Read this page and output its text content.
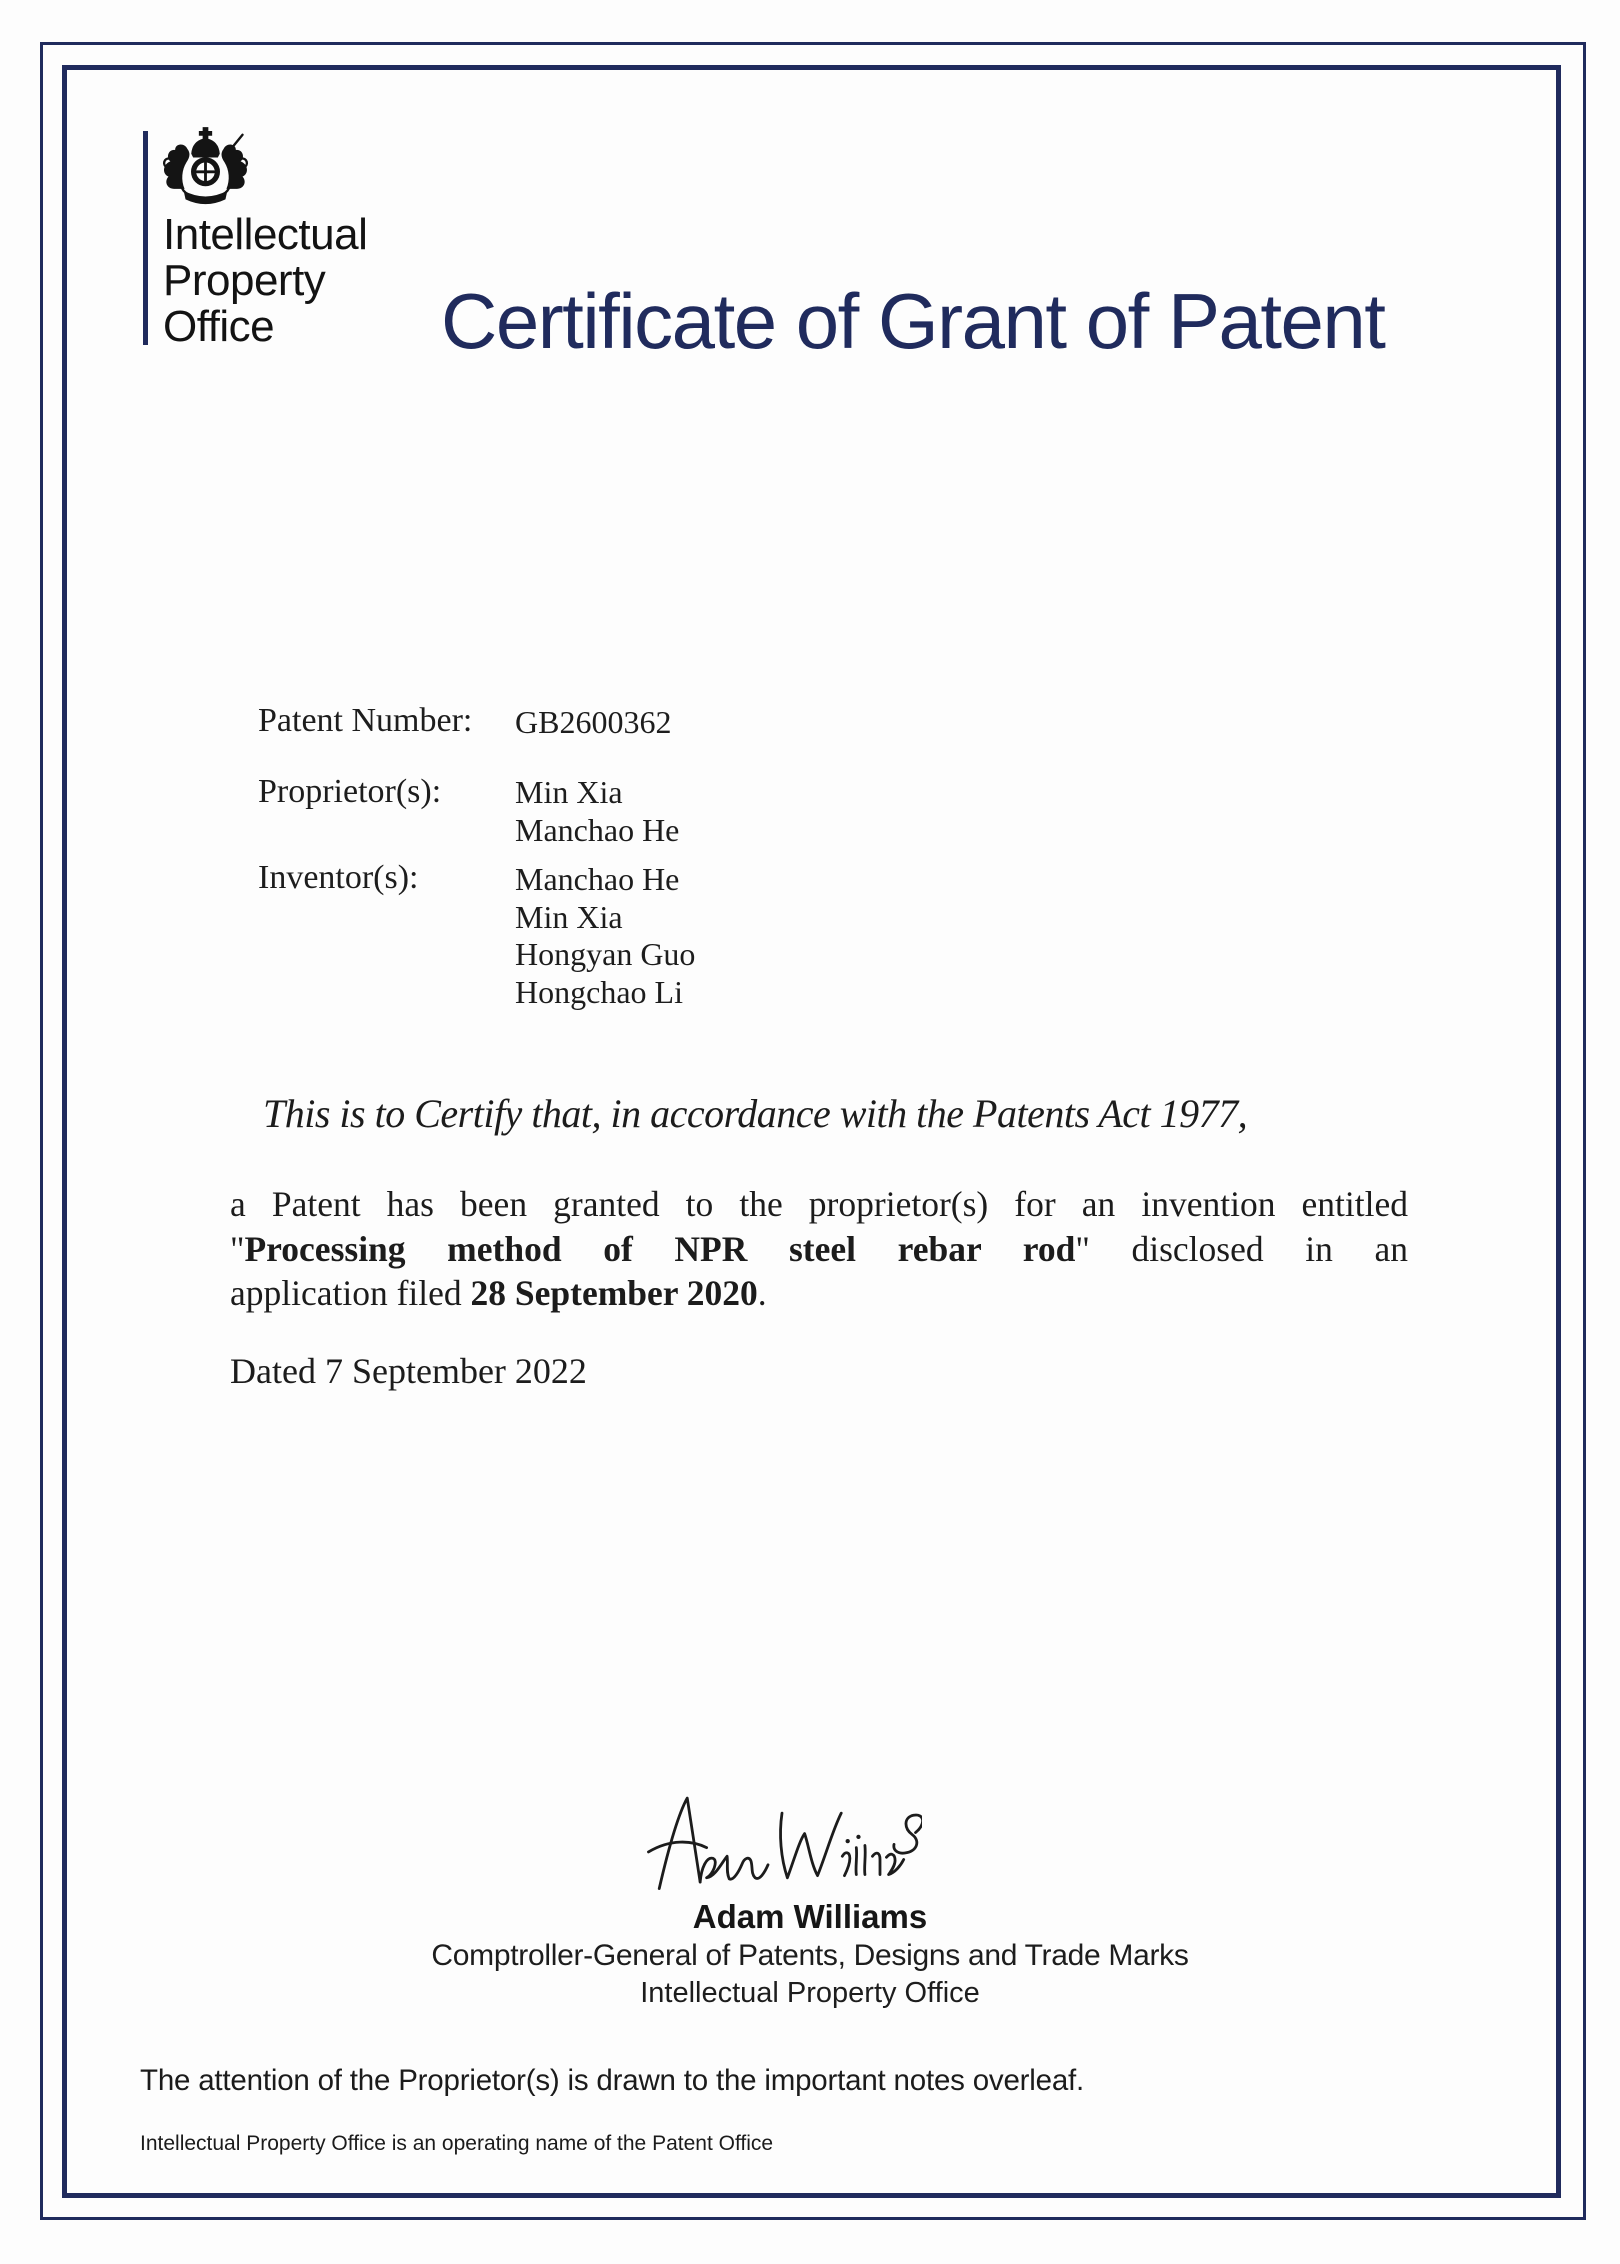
Intellectual
Property
Office	Certificate of Grant of Patent
Patent Number: GB2600362
Proprietor(s): Min Xia
Manchao He
Inventor(s):	Manchao He
Min Xia
Hongyan Guo
Hongchao Li
This is to Certify that, in accordance with the Patents Act 1977,
a Patent has been granted to the proprietor(s) for an invention entitled
"Processing method of NPR steel rebar rod" disclosed in an
application filed 28 September 2020.
Dated 7 September 2022
Adam Williams
Comptroller-General of Patents, Designs and Trade Marks
Intellectual Property Office
The attention of the Proprietor(s) is drawn to the important notes overleaf.
Intellectual Property Office is an operating name of the Patent Office
